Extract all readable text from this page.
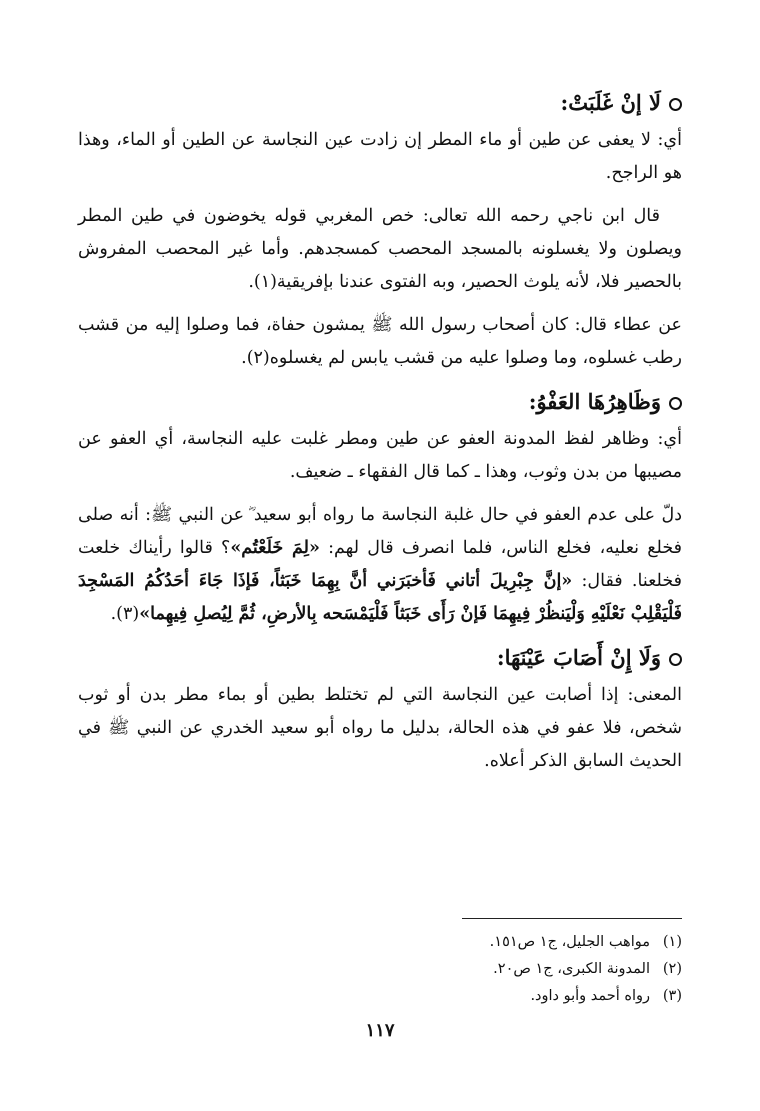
لَا إنْ غَلَبَتْ:

أي: لا يعفى عن طين أو ماء المطر إن زادت عين النجاسة عن الطين أو الماء، وهذا هو الراجح.

قال ابن ناجي رحمه الله تعالى: خص المغربي قوله يخوضون في طين المطر ويصلون ولا يغسلونه بالمسجد المحصب كمسجدهم. وأما غير المحصب المفروش بالحصير فلا، لأنه يلوث الحصير، وبه الفتوى عندنا بإفريقية(١).

عن عطاء قال: كان أصحاب رسول الله ﷺ يمشون حفاة، فما وصلوا إليه من قشب رطب غسلوه، وما وصلوا عليه من قشب يابس لم يغسلوه(٢).

وَظَاهِرُهَا العَفْوُ:

أي: وظاهر لفظ المدونة العفو عن طين ومطر غلبت عليه النجاسة، أي العفو عن مصيبها من بدن وثوب، وهذا ـ كما قال الفقهاء ـ ضعيف.

دلّ على عدم العفو في حال غلبة النجاسة ما رواه أبو سعيد ؓ عن النبي ﷺ: أنه صلى فخلع نعليه، فخلع الناس، فلما انصرف قال لهم: «لِمَ خَلَعْتُم»؟ قالوا رأيناك خلعت فخلعنا. فقال: «إنَّ جِبْرِيلَ أتاني فَأخبَرَني أنَّ بِهِمَا خَبَثاً، فَإذَا جَاءَ أحَدُكُمُ المَسْجِدَ فَلْيَقْلِبْ نَعْلَيْهِ وَلْيَنظُرْ فِيهِمَا فَإنْ رَأَى خَبَثاً فَلْيَمْسَحه بِالأرضِ، ثُمَّ لِيُصلِ فِيهِما»(٣).

وَلَا إِنْ أَصَابَ عَيْنَهَا:

المعنى: إذا أصابت عين النجاسة التي لم تختلط بطين أو بماء مطر بدن أو ثوب شخص، فلا عفو في هذه الحالة، بدليل ما رواه أبو سعيد الخدري عن النبي ﷺ في الحديث السابق الذكر أعلاه.

(١)مواهب الجليل، ج١ ص١٥١.

(٢)المدونة الكبرى، ج١ ص٢٠.

(٣)رواه أحمد وأبو داود.

١١٧
